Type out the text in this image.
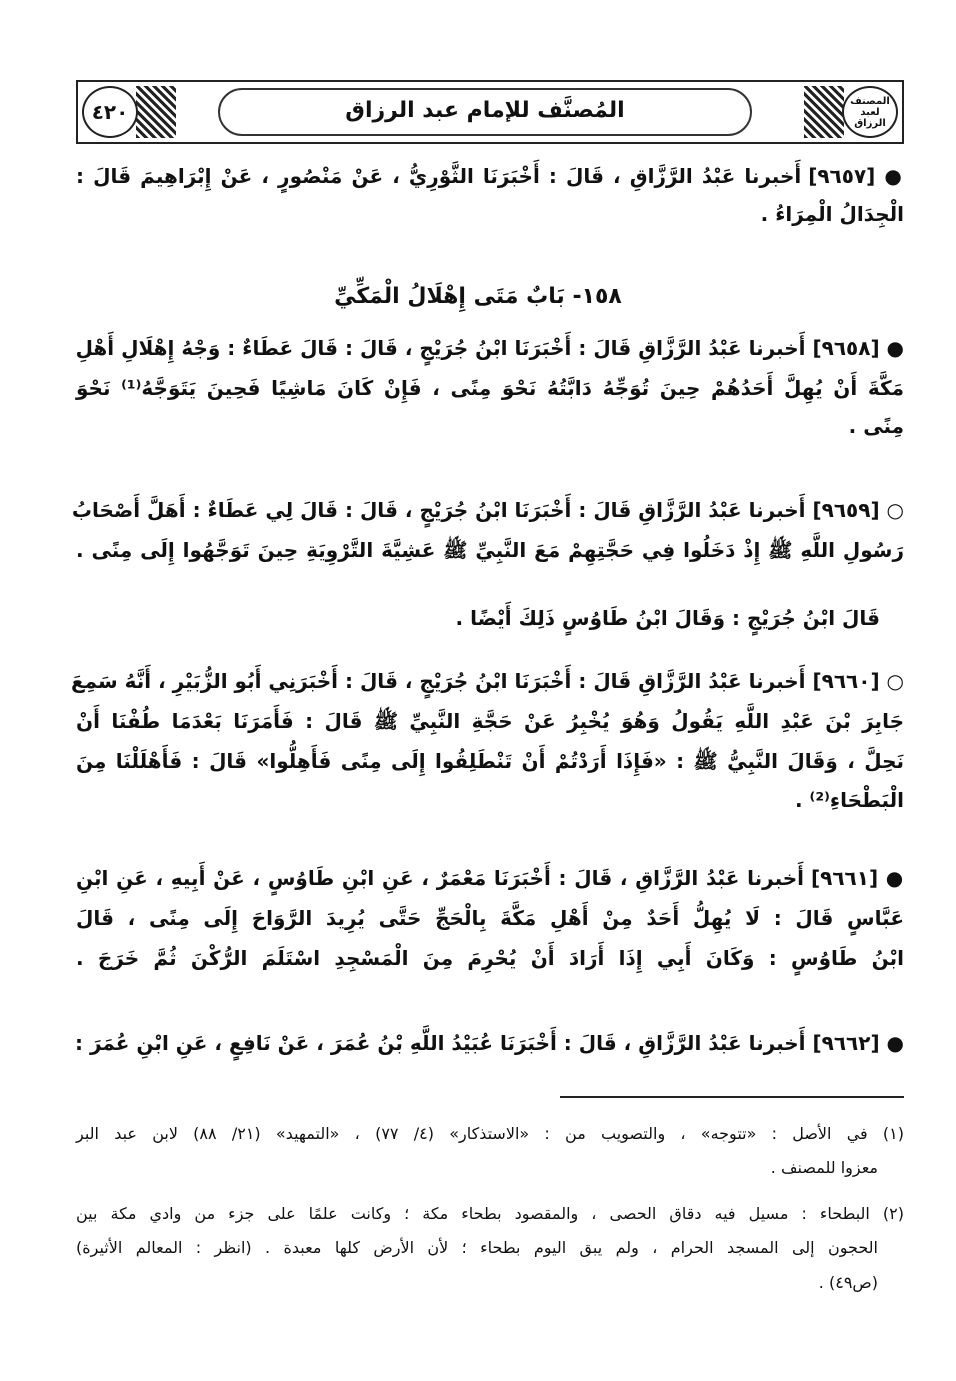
٤٢٠	المصنف لعبد الرزاق
المُصنَّف للإمام عبد الرزاق
● [٩٦٥٧] أَخبرنا عَبْدُ الرَّزَّاقِ ، قَالَ : أَخْبَرَنَا الثَّوْرِيُّ ، عَنْ مَنْصُورٍ ، عَنْ إِبْرَاهِيمَ قَالَ :
الْجِدَالُ الْمِرَاءُ .
١٥٨- بَابٌ مَتَى إِهْلَالُ الْمَكِّيِّ
● [٩٦٥٨] أَخبرنا عَبْدُ الرَّزَّاقِ قَالَ : أَخْبَرَنَا ابْنُ جُرَيْجٍ ، قَالَ : قَالَ عَطَاءٌ : وَجْهُ إِهْلَالِ أَهْلِ
مَكَّةَ أَنْ يُهِلَّ أَحَدُهُمْ حِينَ تُوَجِّهُ دَابَّتُهُ نَحْوَ مِنًى ، فَإِنْ كَانَ مَاشِيًا فَحِينَ يَتَوَجَّهُ⁽¹⁾ نَحْوَ
مِنًى .
○ [٩٦٥٩] أَخبرنا عَبْدُ الرَّزَّاقِ قَالَ : أَخْبَرَنَا ابْنُ جُرَيْجٍ ، قَالَ : قَالَ لِي عَطَاءٌ : أَهَلَّ أَصْحَابُ
رَسُولِ اللَّهِ ﷺ إِذْ دَخَلُوا فِي حَجَّتِهِمْ مَعَ النَّبِيِّ ﷺ عَشِيَّةَ التَّرْوِيَةِ حِينَ تَوَجَّهُوا إِلَى مِنًى .
قَالَ ابْنُ جُرَيْجٍ : وَقَالَ ابْنُ طَاوُسٍ ذَلِكَ أَيْضًا .
○ [٩٦٦٠] أَخبرنا عَبْدُ الرَّزَّاقِ قَالَ : أَخْبَرَنَا ابْنُ جُرَيْجٍ ، قَالَ : أَخْبَرَنِي أَبُو الزُّبَيْرِ ، أَنَّهُ سَمِعَ
جَابِرَ بْنَ عَبْدِ اللَّهِ يَقُولُ وَهُوَ يُخْبِرُ عَنْ حَجَّةِ النَّبِيِّ ﷺ قَالَ : فَأَمَرَنَا بَعْدَمَا طُفْنَا أَنْ
نَحِلَّ ، وَقَالَ النَّبِيُّ ﷺ : «فَإِذَا أَرَدْتُمْ أَنْ تَنْطَلِقُوا إِلَى مِنًى فَأَهِلُّوا» قَالَ : فَأَهْلَلْنَا مِنَ
الْبَطْحَاءِ⁽²⁾ .
● [٩٦٦١] أَخبرنا عَبْدُ الرَّزَّاقِ ، قَالَ : أَخْبَرَنَا مَعْمَرٌ ، عَنِ ابْنِ طَاوُسٍ ، عَنْ أَبِيهِ ، عَنِ ابْنِ
عَبَّاسٍ قَالَ : لَا يُهِلُّ أَحَدٌ مِنْ أَهْلِ مَكَّةَ بِالْحَجِّ حَتَّى يُرِيدَ الرَّوَاحَ إِلَى مِنًى ، قَالَ
ابْنُ طَاوُسٍ : وَكَانَ أَبِي إِذَا أَرَادَ أَنْ يُحْرِمَ مِنَ الْمَسْجِدِ اسْتَلَمَ الرُّكْنَ ثُمَّ خَرَجَ .
● [٩٦٦٢] أَخبرنا عَبْدُ الرَّزَّاقِ ، قَالَ : أَخْبَرَنَا عُبَيْدُ اللَّهِ بْنُ عُمَرَ ، عَنْ نَافِعٍ ، عَنِ ابْنِ عُمَرَ :
(١) في الأصل : «تتوجه» ، والتصويب من : «الاستذكار» (٤/ ٧٧) ، «التمهيد» (٢١/ ٨٨) لابن عبد البر
معزوا للمصنف .
(٢) البطحاء : مسيل فيه دقاق الحصى ، والمقصود بطحاء مكة ؛ وكانت علمًا على جزء من وادي مكة بين
الحجون إلى المسجد الحرام ، ولم يبق اليوم بطحاء ؛ لأن الأرض كلها معبدة . (انظر : المعالم الأثيرة)
(ص٤٩) .
